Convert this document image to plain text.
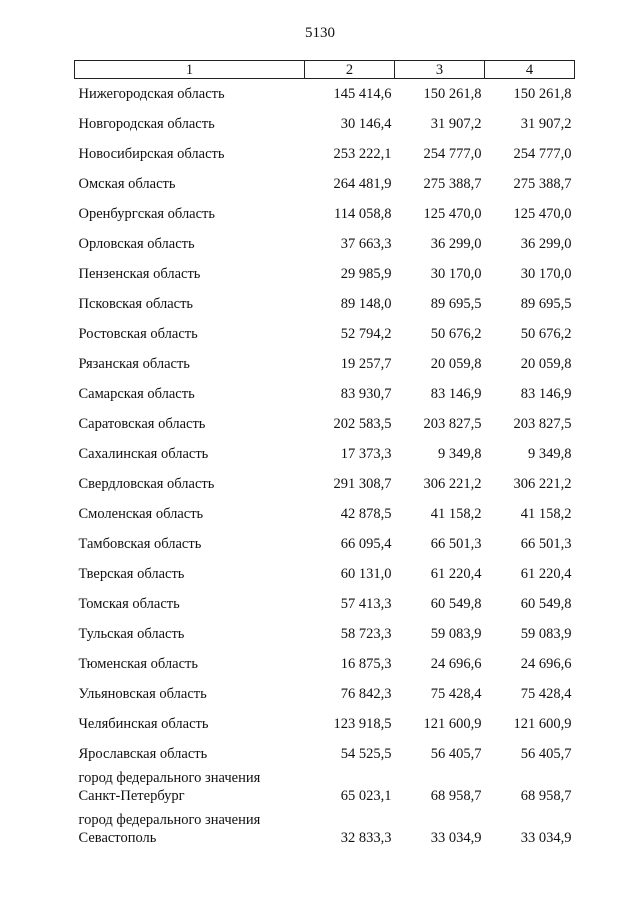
5130
1	2	3	4
Нижегородская область	145 414,6	150 261,8	150 261,8
Новгородская область	30 146,4	31 907,2	31 907,2
Новосибирская область	253 222,1	254 777,0	254 777,0
Омская область	264 481,9	275 388,7	275 388,7
Оренбургская область	114 058,8	125 470,0	125 470,0
Орловская область	37 663,3	36 299,0	36 299,0
Пензенская область	29 985,9	30 170,0	30 170,0
Псковская область	89 148,0	89 695,5	89 695,5
Ростовская область	52 794,2	50 676,2	50 676,2
Рязанская область	19 257,7	20 059,8	20 059,8
Самарская область	83 930,7	83 146,9	83 146,9
Саратовская область	202 583,5	203 827,5	203 827,5
Сахалинская область	17 373,3	9 349,8	9 349,8
Свердловская область	291 308,7	306 221,2	306 221,2
Смоленская область	42 878,5	41 158,2	41 158,2
Тамбовская область	66 095,4	66 501,3	66 501,3
Тверская область	60 131,0	61 220,4	61 220,4
Томская область	57 413,3	60 549,8	60 549,8
Тульская область	58 723,3	59 083,9	59 083,9
Тюменская область	16 875,3	24 696,6	24 696,6
Ульяновская область	76 842,3	75 428,4	75 428,4
Челябинская область	123 918,5	121 600,9	121 600,9
Ярославская область	54 525,5	56 405,7	56 405,7
город федерального значения
Санкт-Петербург	65 023,1	68 958,7	68 958,7
город федерального значения
Севастополь	32 833,3	33 034,9	33 034,9
